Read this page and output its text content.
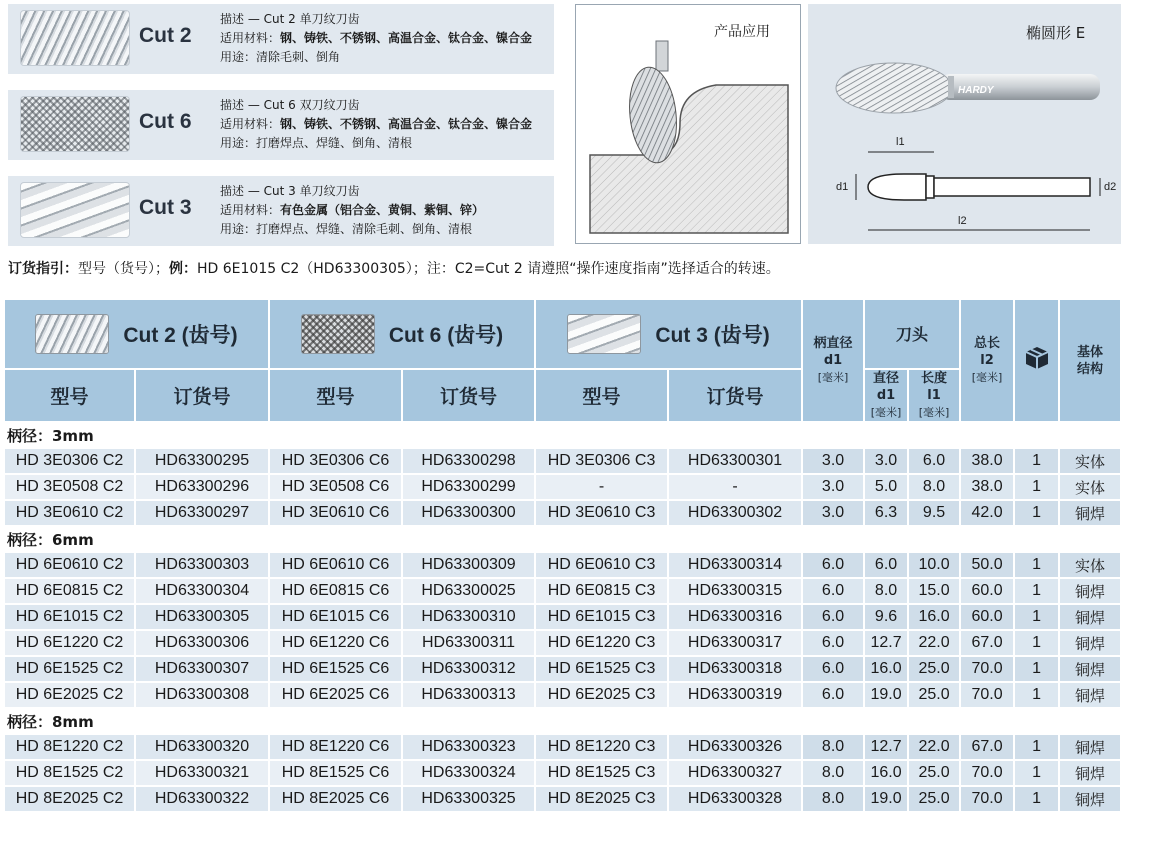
Cut 2
描述 — Cut 2 单刀纹刀齿
适用材料：钢、铸铁、不锈钢、高温合金、钛合金、镍合金
用途：清除毛刺、倒角
Cut 6
描述 — Cut 6 双刀纹刀齿
适用材料：钢、铸铁、不锈钢、高温合金、钛合金、镍合金
用途：打磨焊点、焊缝、倒角、清根
Cut 3
描述 — Cut 3 单刀纹刀齿
适用材料：有色金属（铝合金、黄铜、紫铜、锌）
用途：打磨焊点、焊缝、清除毛刺、倒角、清根
产品应用	椭圆形 E
HARDY
l1
l2
d1	d2
订货指引：型号（货号）；例：HD 6E1015 C2（HD63300305）；注：C2=Cut 2 请遵照“操作速度指南”选择适合的转速。
Cut 2 (齿号)		Cut 6 (齿号)		Cut 3 (齿号)		柄直径
d1
[毫米]	刀头		总长
l2
[毫米]		基体结构
型号	订货号	型号	订货号	型号	订货号		直径
d1
[毫米]	长度
l1
[毫米]			

柄径：3mm											
HD 3E0306 C2	HD63300295	HD 3E0306 C6	HD63300298	HD 3E0306 C3	HD63300301	3.0	3.0	6.0	38.0	1	实体
HD 3E0508 C2	HD63300296	HD 3E0508 C6	HD63300299	-	-	3.0	5.0	8.0	38.0	1	实体
HD 3E0610 C2	HD63300297	HD 3E0610 C6	HD63300300	HD 3E0610 C3	HD63300302	3.0	6.3	9.5	42.0	1	铜焊
柄径：6mm											
HD 6E0610 C2	HD63300303	HD 6E0610 C6	HD63300309	HD 6E0610 C3	HD63300314	6.0	6.0	10.0	50.0	1	实体
HD 6E0815 C2	HD63300304	HD 6E0815 C6	HD63300025	HD 6E0815 C3	HD63300315	6.0	8.0	15.0	60.0	1	铜焊
HD 6E1015 C2	HD63300305	HD 6E1015 C6	HD63300310	HD 6E1015 C3	HD63300316	6.0	9.6	16.0	60.0	1	铜焊
HD 6E1220 C2	HD63300306	HD 6E1220 C6	HD63300311	HD 6E1220 C3	HD63300317	6.0	12.7	22.0	67.0	1	铜焊
HD 6E1525 C2	HD63300307	HD 6E1525 C6	HD63300312	HD 6E1525 C3	HD63300318	6.0	16.0	25.0	70.0	1	铜焊
HD 6E2025 C2	HD63300308	HD 6E2025 C6	HD63300313	HD 6E2025 C3	HD63300319	6.0	19.0	25.0	70.0	1	铜焊
柄径：8mm											
HD 8E1220 C2	HD63300320	HD 8E1220 C6	HD63300323	HD 8E1220 C3	HD63300326	8.0	12.7	22.0	67.0	1	铜焊
HD 8E1525 C2	HD63300321	HD 8E1525 C6	HD63300324	HD 8E1525 C3	HD63300327	8.0	16.0	25.0	70.0	1	铜焊
HD 8E2025 C2	HD63300322	HD 8E2025 C6	HD63300325	HD 8E2025 C3	HD63300328	8.0	19.0	25.0	70.0	1	铜焊
